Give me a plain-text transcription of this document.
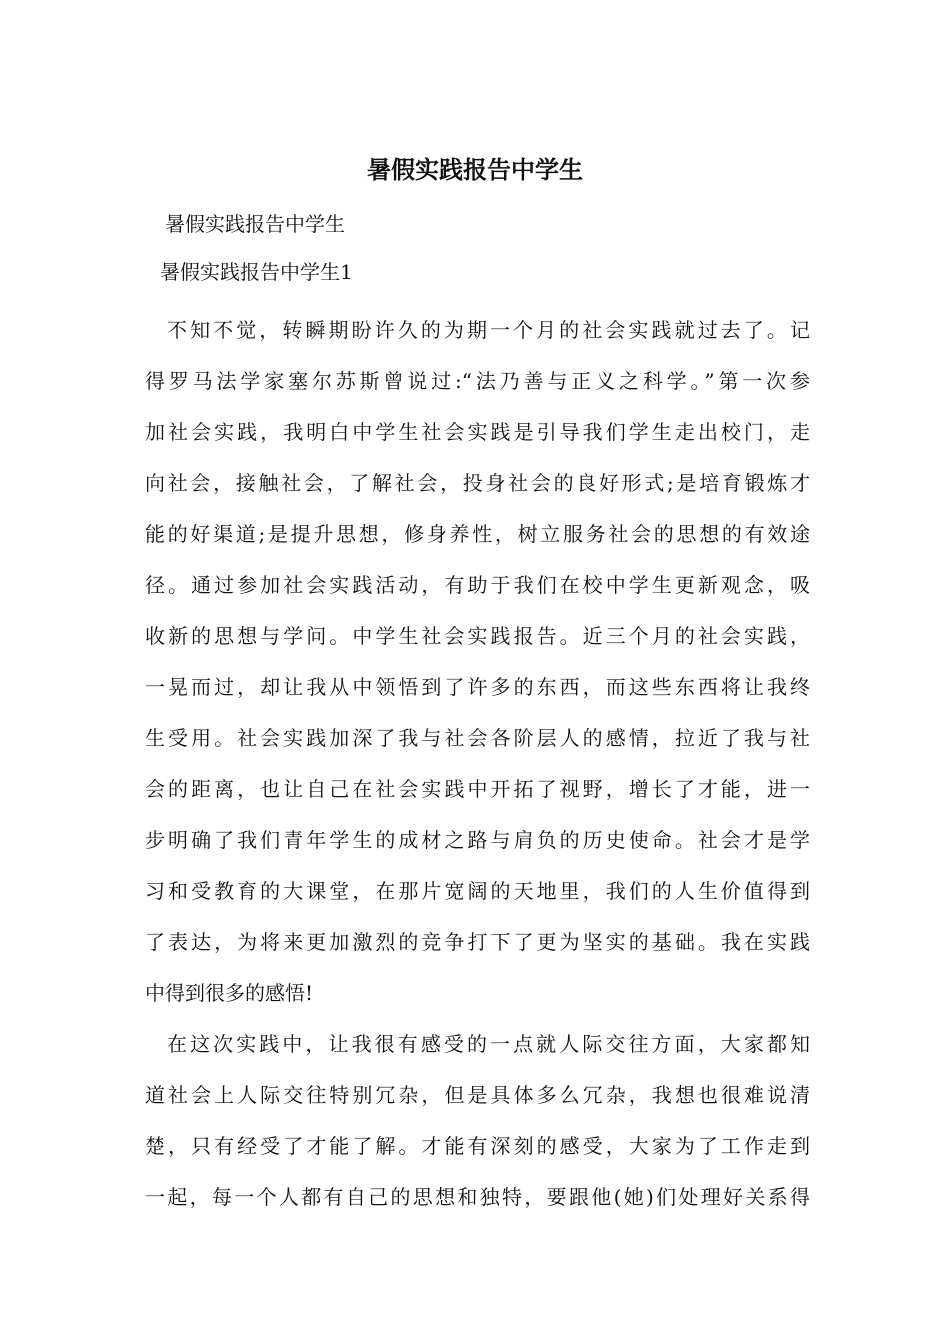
暑假实践报告中学生

暑假实践报告中学生

暑假实践报告中学生1

不知不觉，转瞬期盼许久的为期一个月的社会实践就过去了。记
得罗马法学家塞尔苏斯曾说过:“法乃善与正义之科学。”第一次参
加社会实践，我明白中学生社会实践是引导我们学生走出校门，走
向社会，接触社会，了解社会，投身社会的良好形式;是培育锻炼才
能的好渠道;是提升思想，修身养性，树立服务社会的思想的有效途
径。通过参加社会实践活动，有助于我们在校中学生更新观念，吸
收新的思想与学问。中学生社会实践报告。近三个月的社会实践，
一晃而过，却让我从中领悟到了许多的东西，而这些东西将让我终
生受用。社会实践加深了我与社会各阶层人的感情，拉近了我与社
会的距离，也让自己在社会实践中开拓了视野，增长了才能，进一
步明确了我们青年学生的成材之路与肩负的历史使命。社会才是学
习和受教育的大课堂，在那片宽阔的天地里，我们的人生价值得到
了表达，为将来更加激烈的竞争打下了更为坚实的基础。我在实践
中得到很多的感悟!
在这次实践中，让我很有感受的一点就人际交往方面，大家都知
道社会上人际交往特别冗杂，但是具体多么冗杂，我想也很难说清
楚，只有经受了才能了解。才能有深刻的感受，大家为了工作走到
一起，每一个人都有自己的思想和独特，要跟他(她)们处理好关系得
